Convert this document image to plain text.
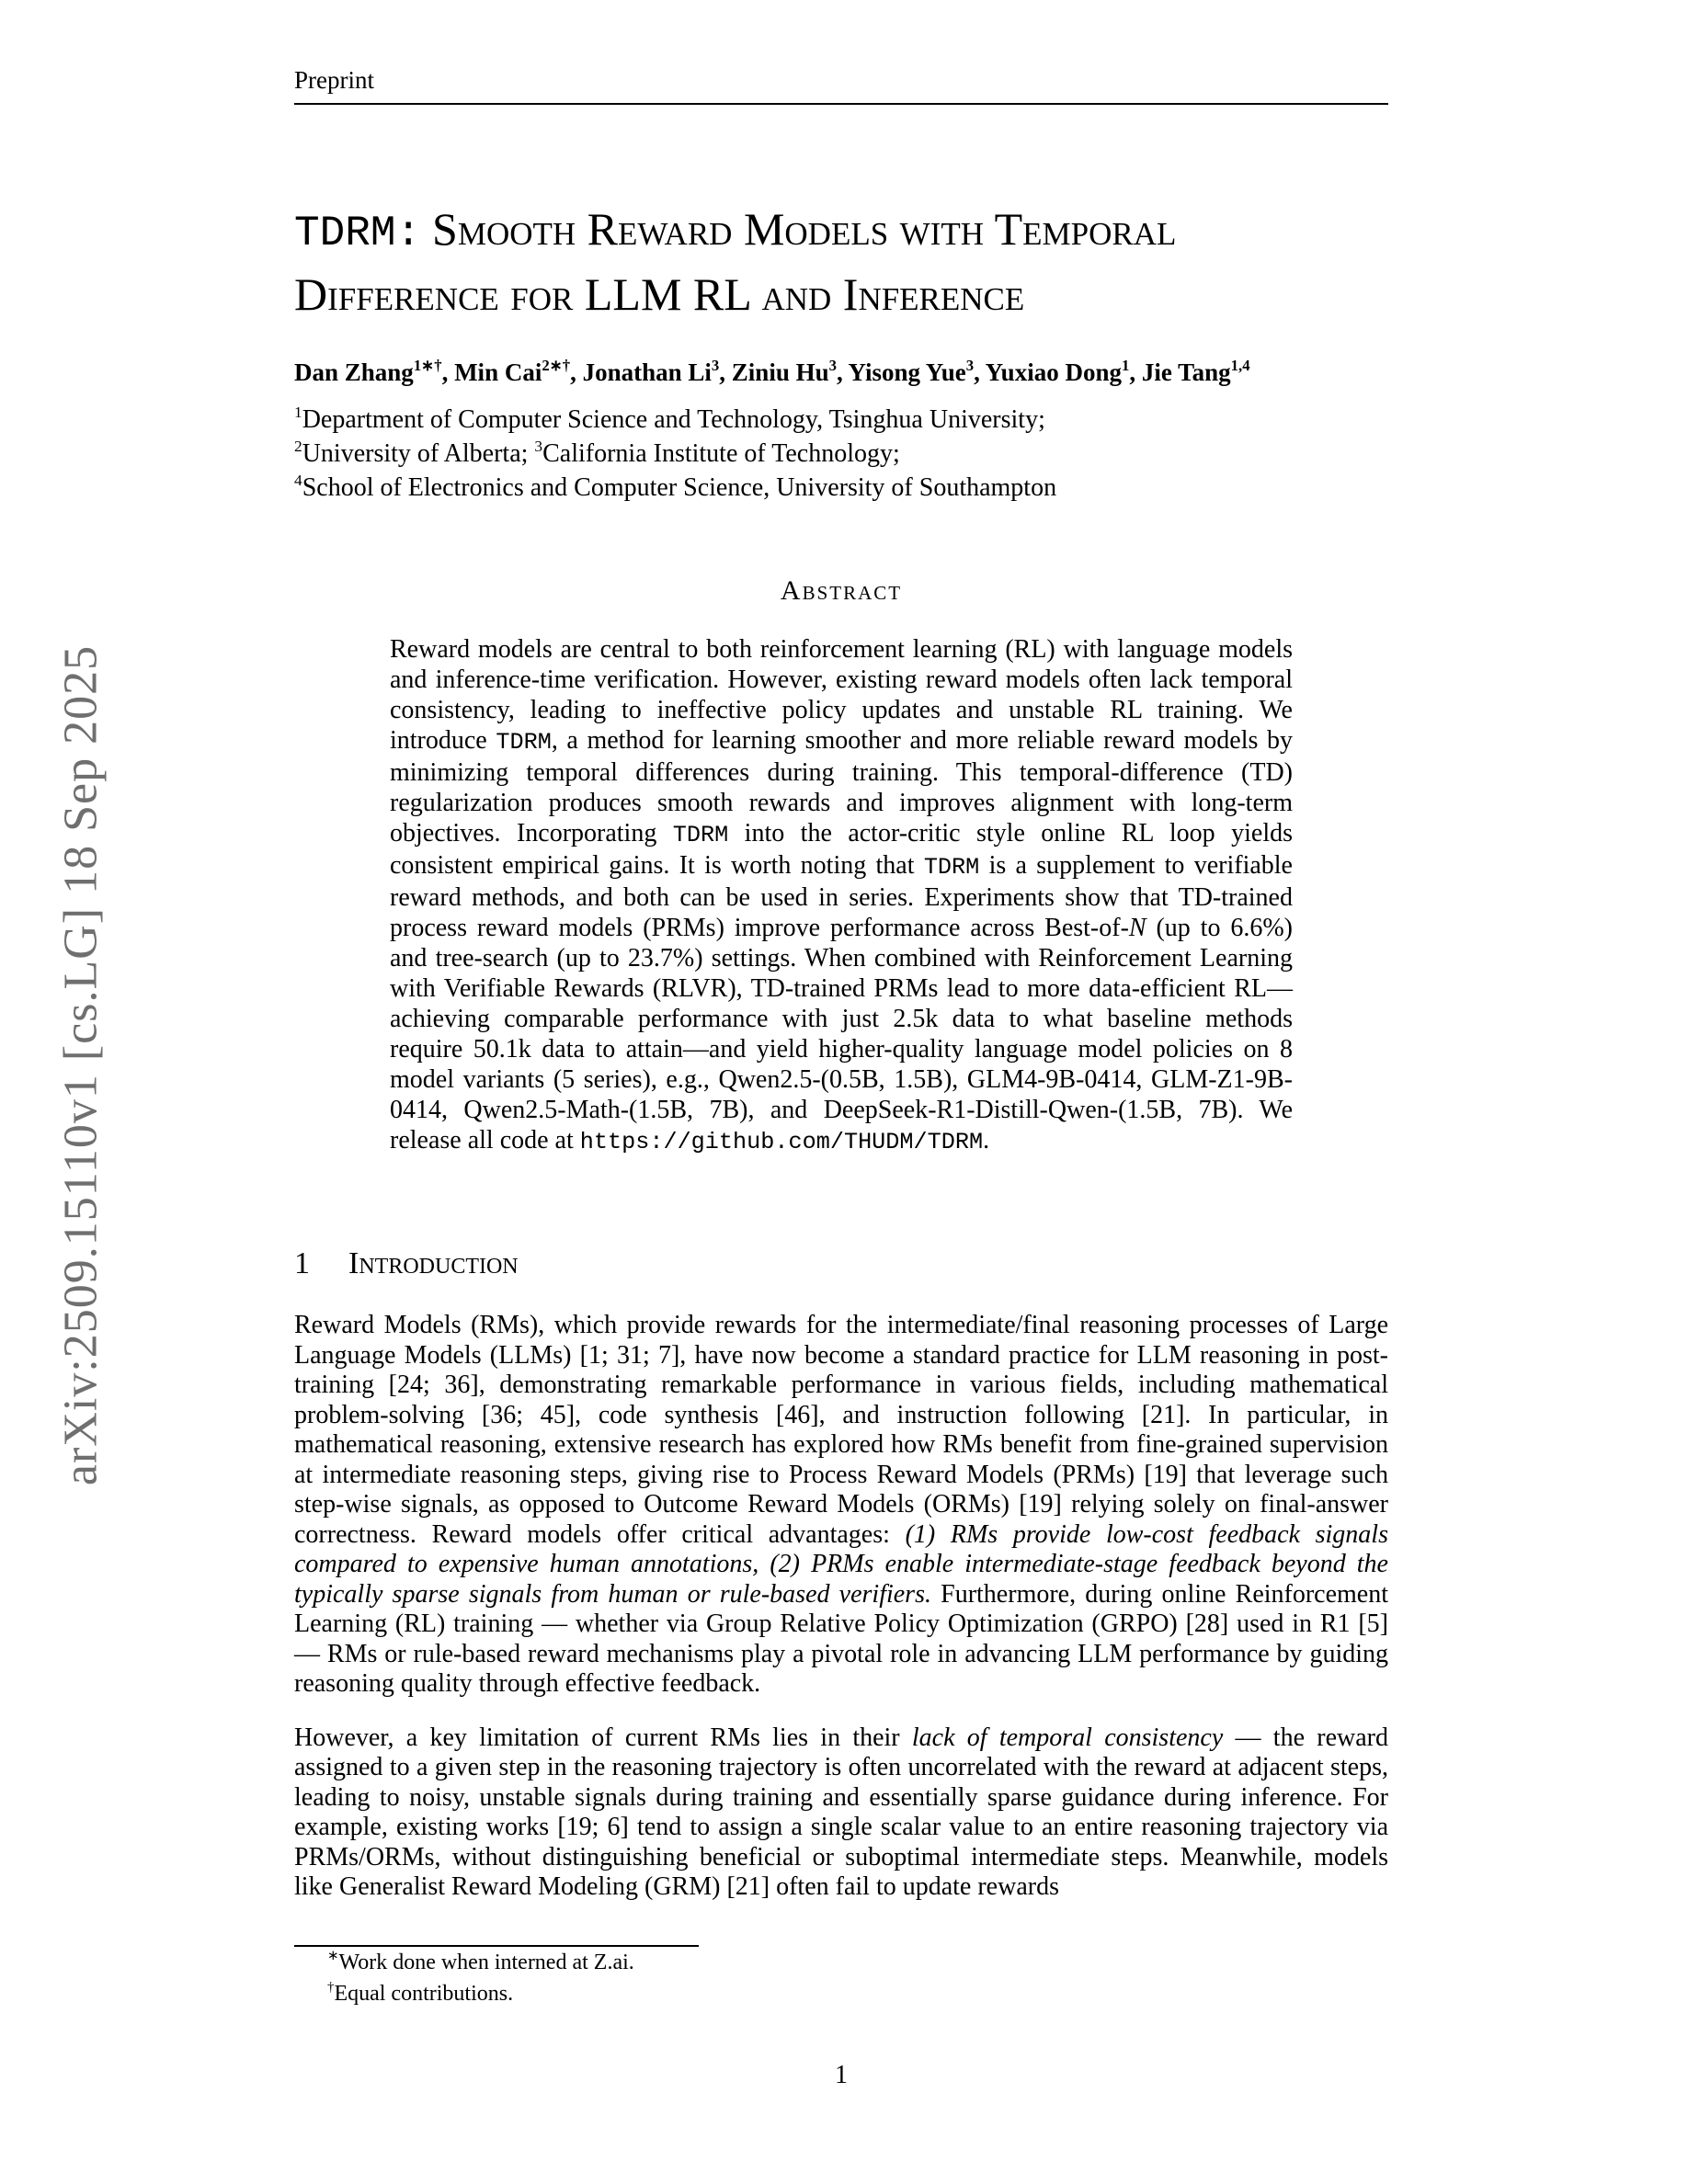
arXiv:2509.15110v1 [cs.LG] 18 Sep 2025
Preprint
TDRM: Smooth Reward Models with Temporal
Difference for LLM RL and Inference
Dan Zhang$^{1∗\dagger}$, Min Cai$^{2∗\dagger}$, Jonathan Li$^3$, Ziniu Hu$^3$, Yisong Yue$^3$, Yuxiao Dong$^1$, Jie Tang$^{1,4}$
$^1$Department of Computer Science and Technology, Tsinghua University;
$^2$University of Alberta; $^3$California Institute of Technology;
$^4$School of Electronics and Computer Science, University of Southampton
Abstract
Reward models are central to both reinforcement learning (RL) with language models and inference-time verification. However, existing reward models often lack temporal consistency, leading to ineffective policy updates and unstable RL training. We introduce TDRM, a method for learning smoother and more reliable reward models by minimizing temporal differences during training. This temporal-difference (TD) regularization produces smooth rewards and improves alignment with long-term objectives. Incorporating TDRM into the actor-critic style online RL loop yields consistent empirical gains. It is worth noting that TDRM is a supplement to verifiable reward methods, and both can be used in series. Experiments show that TD-trained process reward models (PRMs) improve performance across Best-of-N (up to 6.6%) and tree-search (up to 23.7%) settings. When combined with Reinforcement Learning with Verifiable Rewards (RLVR), TD-trained PRMs lead to more data-efficient RL—achieving comparable performance with just 2.5k data to what baseline methods require 50.1k data to attain—and yield higher-quality language model policies on 8 model variants (5 series), e.g., Qwen2.5-(0.5B, 1.5B), GLM4-9B-0414, GLM-Z1-9B-0414, Qwen2.5-Math-(1.5B, 7B), and DeepSeek-R1-Distill-Qwen-(1.5B, 7B). We release all code at https://github.com/THUDM/TDRM.
1 Introduction
Reward Models (RMs), which provide rewards for the intermediate/final reasoning processes of Large Language Models (LLMs) [1; 31; 7], have now become a standard practice for LLM reasoning in post-training [24; 36], demonstrating remarkable performance in various fields, including mathematical problem-solving [36; 45], code synthesis [46], and instruction following [21]. In particular, in mathematical reasoning, extensive research has explored how RMs benefit from fine-grained supervision at intermediate reasoning steps, giving rise to Process Reward Models (PRMs) [19] that leverage such step-wise signals, as opposed to Outcome Reward Models (ORMs) [19] relying solely on final-answer correctness. Reward models offer critical advantages: (1) RMs provide low-cost feedback signals compared to expensive human annotations, (2) PRMs enable intermediate-stage feedback beyond the typically sparse signals from human or rule-based verifiers. Furthermore, during online Reinforcement Learning (RL) training — whether via Group Relative Policy Optimization (GRPO) [28] used in R1 [5] — RMs or rule-based reward mechanisms play a pivotal role in advancing LLM performance by guiding reasoning quality through effective feedback.
However, a key limitation of current RMs lies in their lack of temporal consistency — the reward assigned to a given step in the reasoning trajectory is often uncorrelated with the reward at adjacent steps, leading to noisy, unstable signals during training and essentially sparse guidance during inference. For example, existing works [19; 6] tend to assign a single scalar value to an entire reasoning trajectory via PRMs/ORMs, without distinguishing beneficial or suboptimal intermediate steps. Meanwhile, models like Generalist Reward Modeling (GRM) [21] often fail to update rewards
∗Work done when interned at Z.ai.
†Equal contributions.
1
